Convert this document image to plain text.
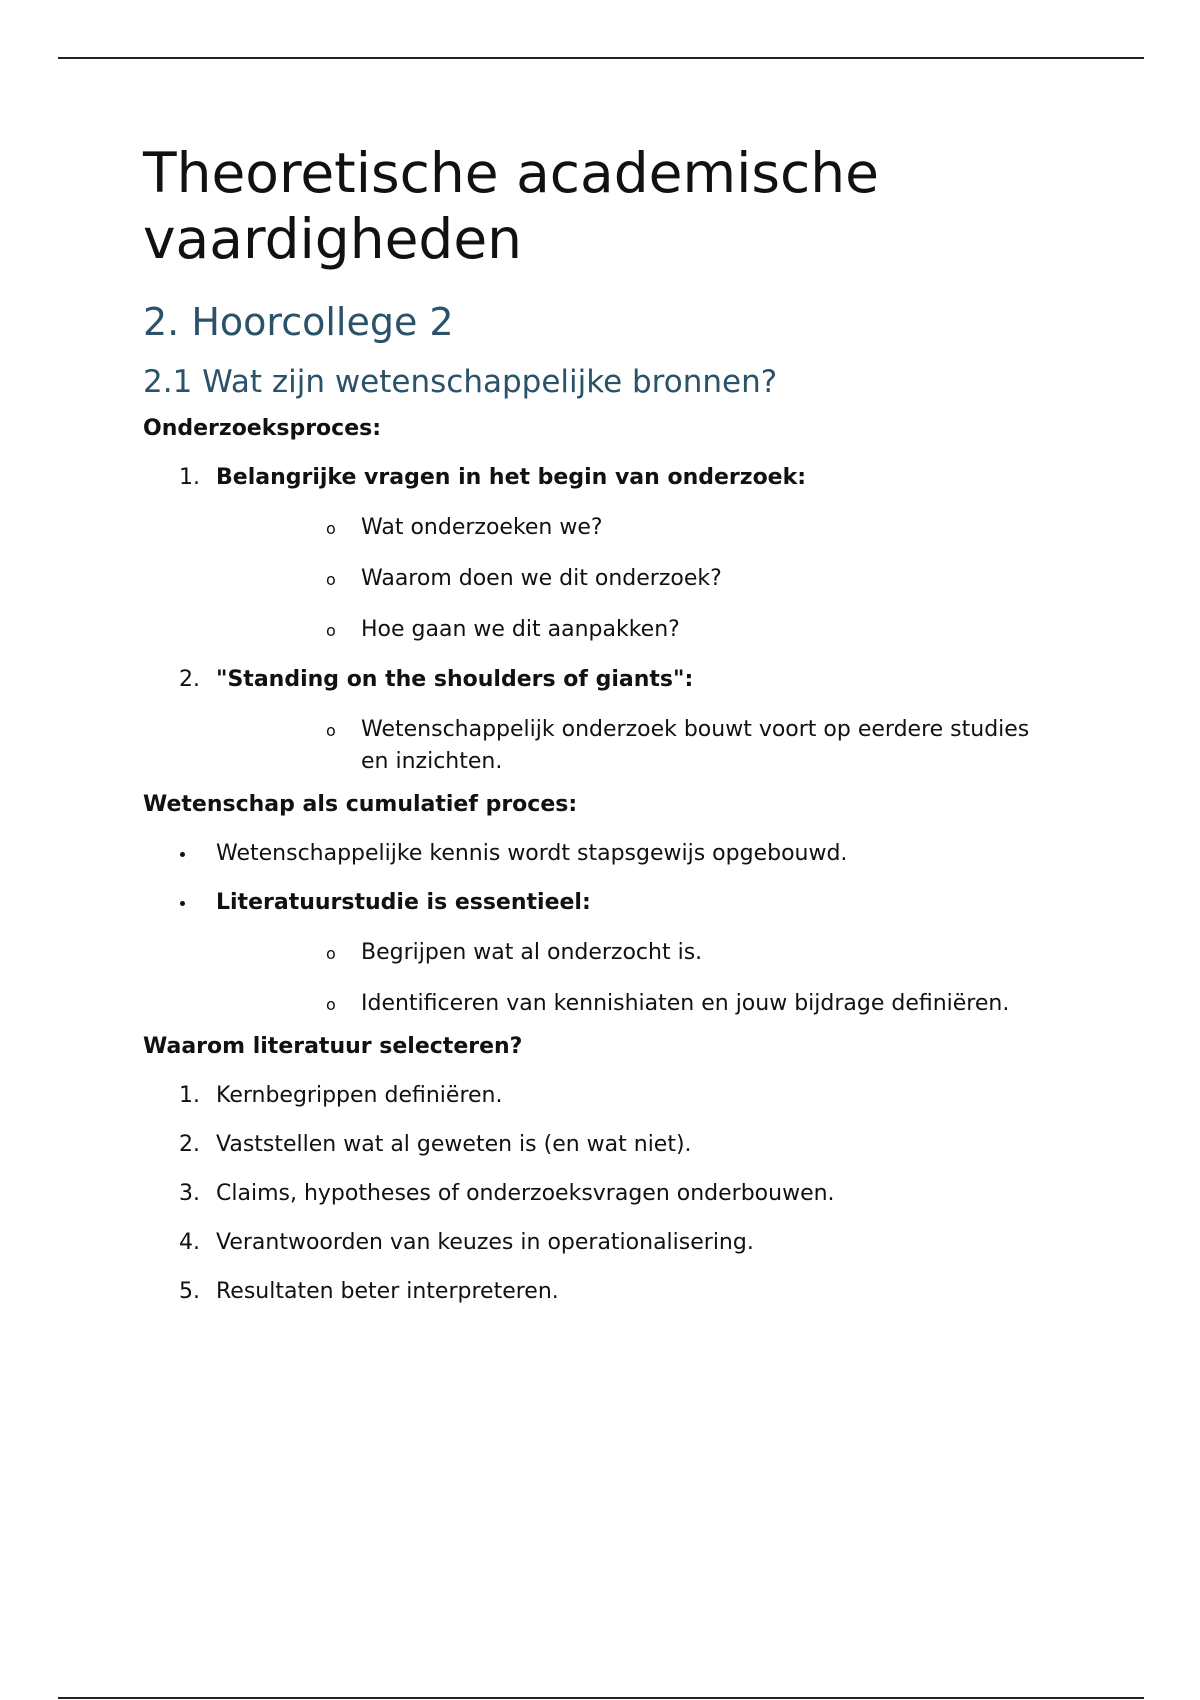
Theoretische academische vaardigheden
2. Hoorcollege 2
2.1 Wat zijn wetenschappelijke bronnen?
Onderzoeksproces:
1. Belangrijke vragen in het begin van onderzoek:
o Wat onderzoeken we?
o Waarom doen we dit onderzoek?
o Hoe gaan we dit aanpakken?
2. "Standing on the shoulders of giants":
o Wetenschappelijk onderzoek bouwt voort op eerdere studies en inzichten.
Wetenschap als cumulatief proces:
Wetenschappelijke kennis wordt stapsgewijs opgebouwd.
Literatuurstudie is essentieel:
o Begrijpen wat al onderzocht is.
o Identificeren van kennishiaten en jouw bijdrage definiëren.
Waarom literatuur selecteren?
1. Kernbegrippen definiëren.
2. Vaststellen wat al geweten is (en wat niet).
3. Claims, hypotheses of onderzoeksvragen onderbouwen.
4. Verantwoorden van keuzes in operationalisering.
5. Resultaten beter interpreteren.
